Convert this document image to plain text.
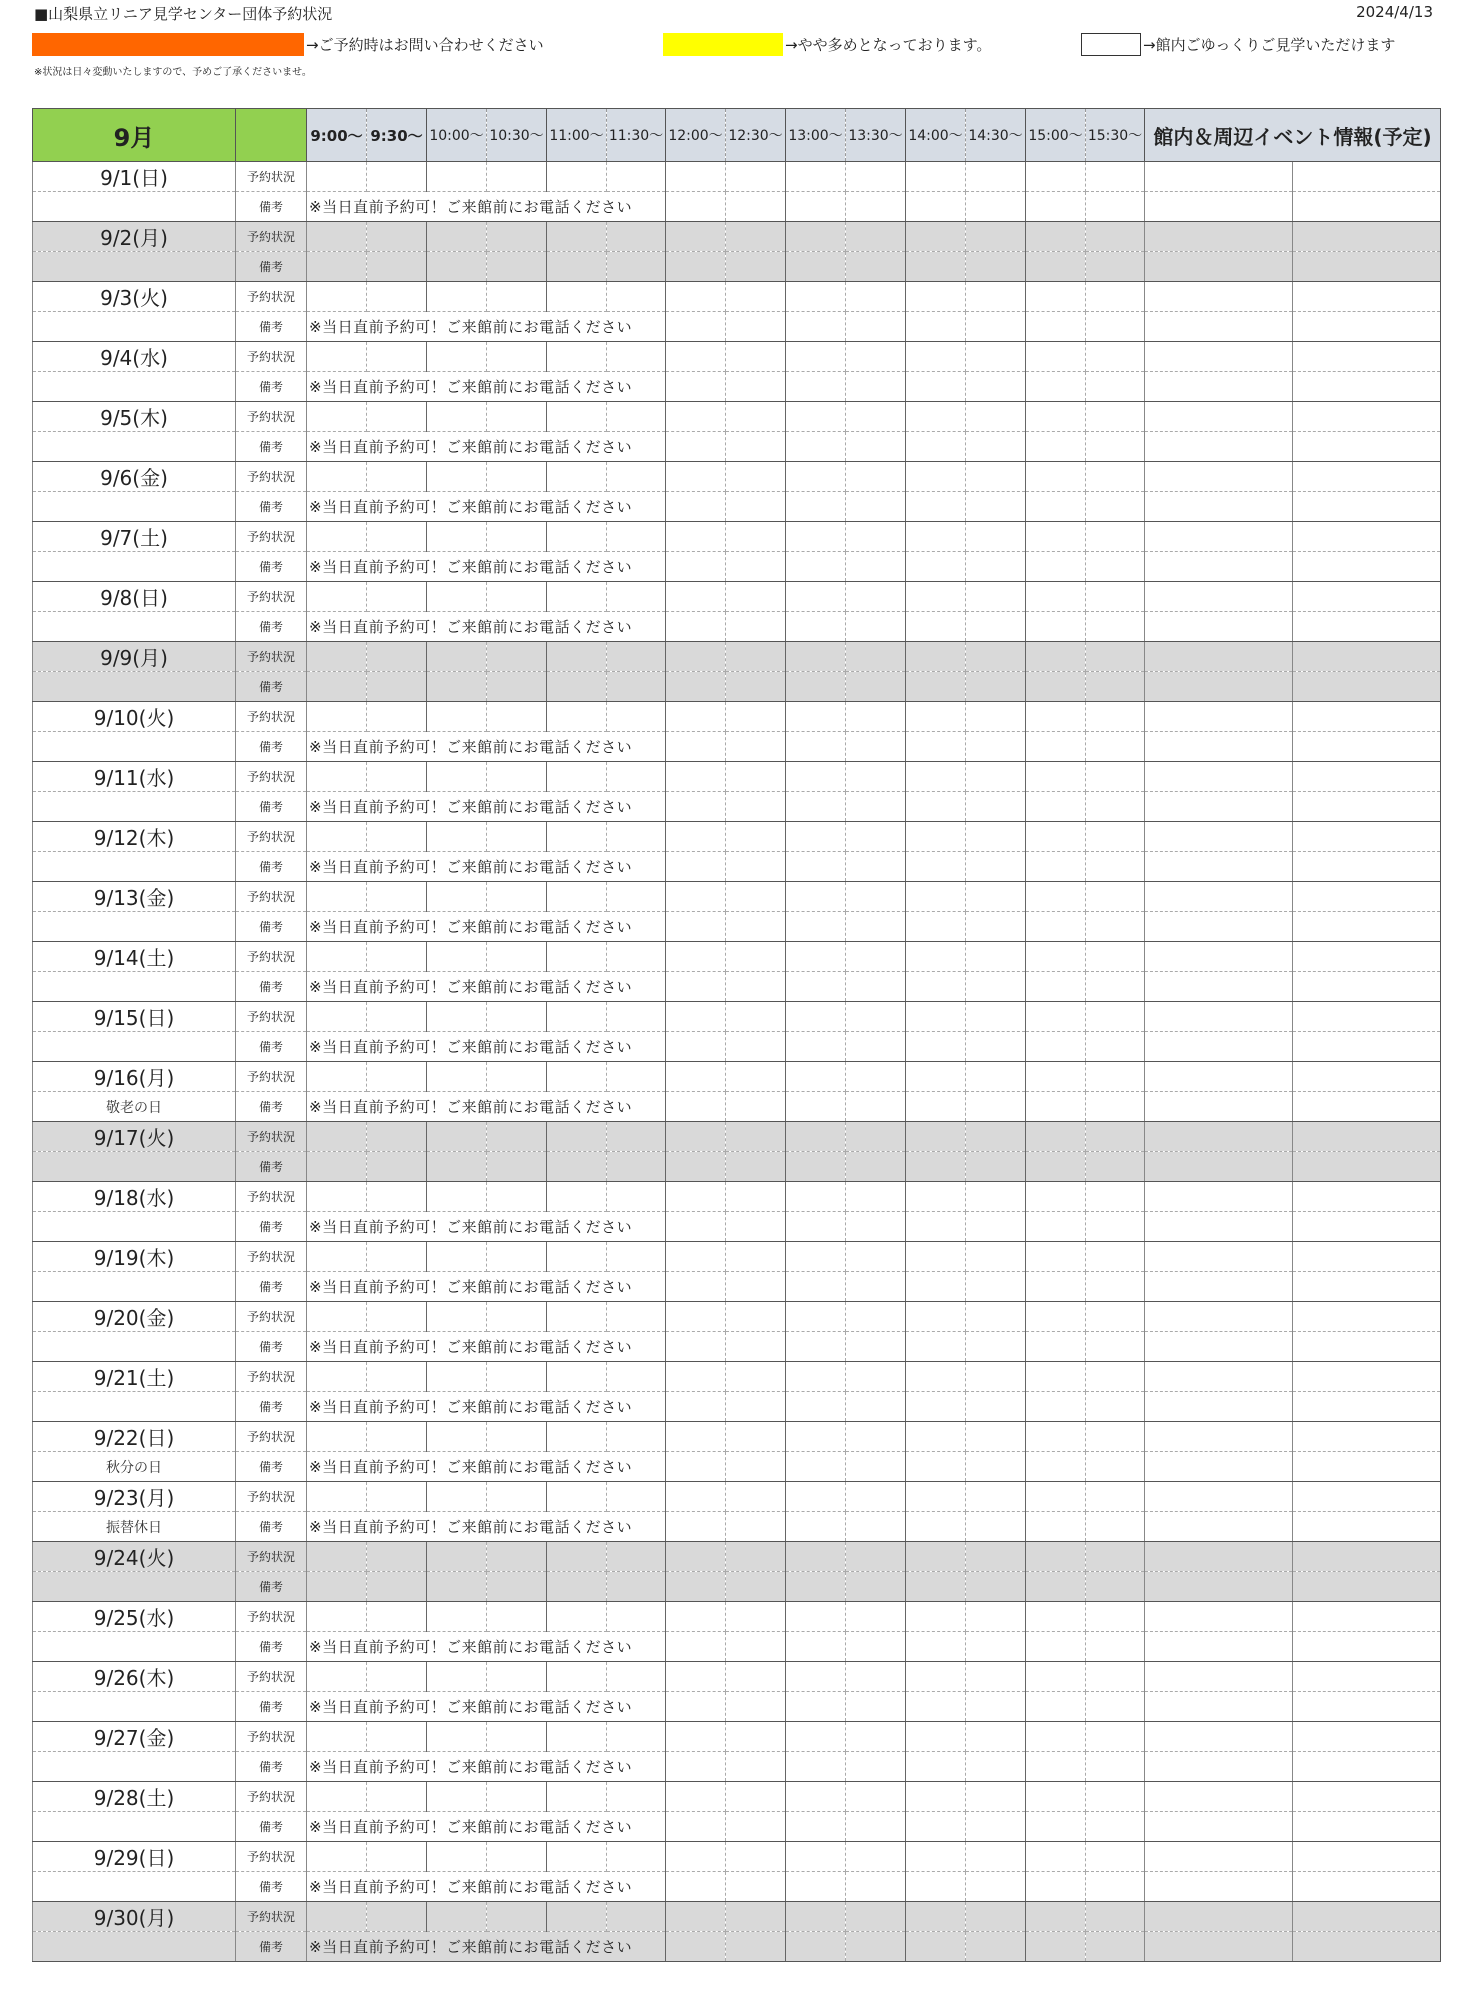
■山梨県立リニア見学センター団体予約状況	2024/4/13
→ご予約時はお問い合わせください	→やや多めとなっております。	→館内ごゆっくりご見学いただけます
※状況は日々変動いたしますので、予めご了承くださいませ。
9月		9:00〜	9:30〜	10:00〜	10:30〜	11:00〜	11:30〜	12:00〜	12:30〜	13:00〜	13:30〜	14:00〜	14:30〜	15:00〜	15:30〜	館内＆周辺イベント情報(予定)	
9/1(日)	予約状況																
	備考	※当日直前予約可！ご来館前にお電話ください															
9/2(月)	予約状況																
	備考																
9/3(火)	予約状況																
	備考	※当日直前予約可！ご来館前にお電話ください															
9/4(水)	予約状況																
	備考	※当日直前予約可！ご来館前にお電話ください															
9/5(木)	予約状況																
	備考	※当日直前予約可！ご来館前にお電話ください															
9/6(金)	予約状況																
	備考	※当日直前予約可！ご来館前にお電話ください															
9/7(土)	予約状況																
	備考	※当日直前予約可！ご来館前にお電話ください															
9/8(日)	予約状況																
	備考	※当日直前予約可！ご来館前にお電話ください															
9/9(月)	予約状況																
	備考																
9/10(火)	予約状況																
	備考	※当日直前予約可！ご来館前にお電話ください															
9/11(水)	予約状況																
	備考	※当日直前予約可！ご来館前にお電話ください															
9/12(木)	予約状況																
	備考	※当日直前予約可！ご来館前にお電話ください															
9/13(金)	予約状況																
	備考	※当日直前予約可！ご来館前にお電話ください															
9/14(土)	予約状況																
	備考	※当日直前予約可！ご来館前にお電話ください															
9/15(日)	予約状況																
	備考	※当日直前予約可！ご来館前にお電話ください															
9/16(月)	予約状況																
敬老の日	備考	※当日直前予約可！ご来館前にお電話ください															
9/17(火)	予約状況																
	備考																
9/18(水)	予約状況																
	備考	※当日直前予約可！ご来館前にお電話ください															
9/19(木)	予約状況																
	備考	※当日直前予約可！ご来館前にお電話ください															
9/20(金)	予約状況																
	備考	※当日直前予約可！ご来館前にお電話ください															
9/21(土)	予約状況																
	備考	※当日直前予約可！ご来館前にお電話ください															
9/22(日)	予約状況																
秋分の日	備考	※当日直前予約可！ご来館前にお電話ください															
9/23(月)	予約状況																
振替休日	備考	※当日直前予約可！ご来館前にお電話ください															
9/24(火)	予約状況																
	備考																
9/25(水)	予約状況																
	備考	※当日直前予約可！ご来館前にお電話ください															
9/26(木)	予約状況																
	備考	※当日直前予約可！ご来館前にお電話ください															
9/27(金)	予約状況																
	備考	※当日直前予約可！ご来館前にお電話ください															
9/28(土)	予約状況																
	備考	※当日直前予約可！ご来館前にお電話ください															
9/29(日)	予約状況																
	備考	※当日直前予約可！ご来館前にお電話ください															
9/30(月)	予約状況																
	備考	※当日直前予約可！ご来館前にお電話ください															
